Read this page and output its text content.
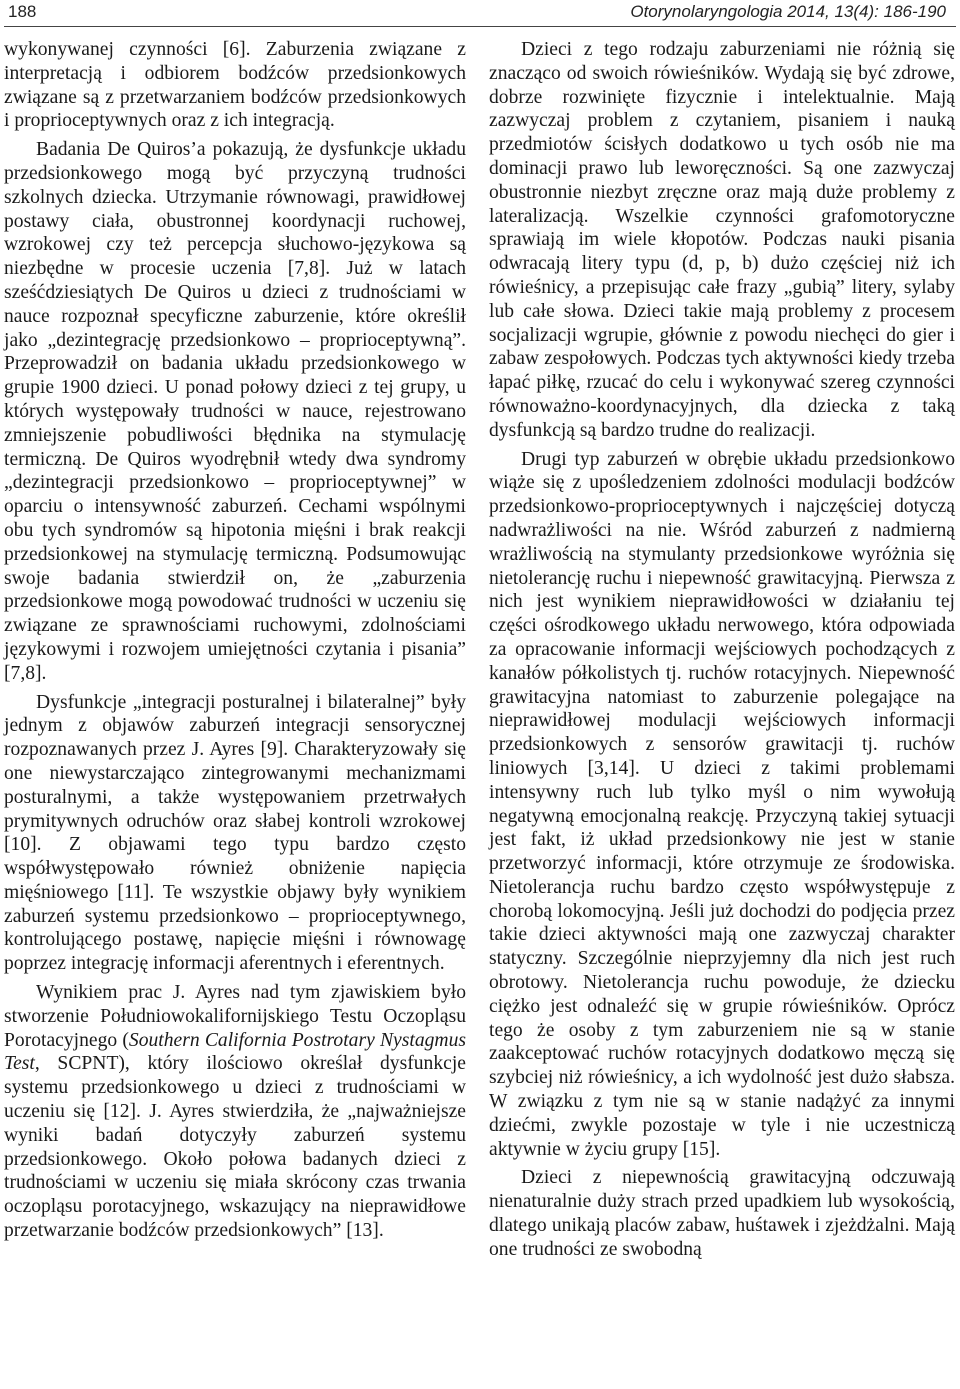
188	Otorynolaryngologia 2014, 13(4): 186-190

wykonywanej czynności [6]. Zaburzenia związane z interpretacją i odbiorem bodźców przedsionkowych związane są z przetwarzaniem bodźców przedsionkowych i proprioceptywnych oraz z ich integracją.

Badania De Quiros’a pokazują, że dysfunkcje układu przedsionkowego mogą być przyczyną trudności szkolnych dziecka. Utrzymanie równowagi, prawidłowej postawy ciała, obustronnej koordynacji ruchowej, wzrokowej czy też percepcja słuchowo-językowa są niezbędne w procesie uczenia [7,8]. Już w latach sześćdziesiątych De Quiros u dzieci z trudnościami w nauce rozpoznał specyficzne zaburzenie, które określił jako „dezintegrację przedsionkowo – proprioceptywną”. Przeprowadził on badania układu przedsionkowego w grupie 1900 dzieci. U ponad połowy dzieci z tej grupy, u których występowały trudności w nauce, rejestrowano zmniejszenie pobudliwości błędnika na stymulację termiczną. De Quiros wyodrębnił wtedy dwa syndromy „dezintegracji przedsionkowo – proprioceptywnej” w oparciu o intensywność zaburzeń. Cechami wspólnymi obu tych syndromów są hipotonia mięśni i brak reakcji przedsionkowej na stymulację termiczną. Podsumowując swoje badania stwierdził on, że „zaburzenia przedsionkowe mogą powodować trudności w uczeniu się związane ze sprawnościami ruchowymi, zdolnościami językowymi i rozwojem umiejętności czytania i pisania” [7,8].

Dysfunkcje „integracji posturalnej i bilateralnej” były jednym z objawów zaburzeń integracji sensorycznej rozpoznawanych przez J. Ayres [9]. Charakteryzowały się one niewystarczająco zintegrowanymi mechanizmami posturalnymi, a także występowaniem przetrwałych prymitywnych odruchów oraz słabej kontroli wzrokowej [10]. Z objawami tego typu bardzo często współwystępowało również obniżenie napięcia mięśniowego [11]. Te wszystkie objawy były wynikiem zaburzeń systemu przedsionkowo – proprioceptywnego, kontrolującego postawę, napięcie mięśni i równowagę poprzez integrację informacji aferentnych i eferentnych.

Wynikiem prac J. Ayres nad tym zjawiskiem było stworzenie Południowokalifornijskiego Testu Oczopląsu Porotacyjnego (Southern California Postrotary Nystagmus Test, SCPNT), który ilościowo określał dysfunkcje systemu przedsionkowego u dzieci z trudnościami w uczeniu się [12]. J. Ayres stwierdziła, że „najważniejsze wyniki badań dotyczyły zaburzeń systemu przedsionkowego. Około połowa badanych dzieci z trudnościami w uczeniu się miała skrócony czas trwania oczopląsu porotacyjnego, wskazujący na nieprawidłowe przetwarzanie bodźców przedsionkowych” [13].

Dzieci z tego rodzaju zaburzeniami nie różnią się znacząco od swoich rówieśników. Wydają się być zdrowe, dobrze rozwinięte fizycznie i intelektualnie. Mają zazwyczaj problem z czytaniem, pisaniem i nauką przedmiotów ścisłych dodatkowo u tych osób nie ma dominacji prawo lub leworęczności. Są one zazwyczaj obustronnie niezbyt zręczne oraz mają duże problemy z lateralizacją. Wszelkie czynności grafomotoryczne sprawiają im wiele kłopotów. Podczas nauki pisania odwracają litery typu (d, p, b) dużo częściej niż ich rówieśnicy, a przepisując całe frazy „gubią” litery, sylaby lub całe słowa. Dzieci takie mają problemy z procesem socjalizacji wgrupie, głównie z powodu niechęci do gier i zabaw zespołowych. Podczas tych aktywności kiedy trzeba łapać piłkę, rzucać do celu i wykonywać szereg czynności równoważno-koordynacyjnych, dla dziecka z taką dysfunkcją są bardzo trudne do realizacji.

Drugi typ zaburzeń w obrębie układu przedsionkowo wiąże się z upośledzeniem zdolności modulacji bodźców przedsionkowo-proprioceptywnych i najczęściej dotyczą nadwrażliwości na nie. Wśród zaburzeń z nadmierną wrażliwością na stymulanty przedsionkowe wyróżnia się nietolerancję ruchu i niepewność grawitacyjną. Pierwsza z nich jest wynikiem nieprawidłowości w działaniu tej części ośrodkowego układu nerwowego, która odpowiada za opracowanie informacji wejściowych pochodzących z kanałów półkolistych tj. ruchów rotacyjnych. Niepewność grawitacyjna natomiast to zaburzenie polegające na nieprawidłowej modulacji wejściowych informacji przedsionkowych z sensorów grawitacji tj. ruchów liniowych [3,14]. U dzieci z takimi problemami intensywny ruch lub tylko myśl o nim wywołują negatywną emocjonalną reakcję. Przyczyną takiej sytuacji jest fakt, iż układ przedsionkowy nie jest w stanie przetworzyć informacji, które otrzymuje ze środowiska. Nietolerancja ruchu bardzo często współwystępuje z chorobą lokomocyjną. Jeśli już dochodzi do podjęcia przez takie dzieci aktywności mają one zazwyczaj charakter statyczny. Szczególnie nieprzyjemny dla nich jest ruch obrotowy. Nietolerancja ruchu powoduje, że dziecku ciężko jest odnaleźć się w grupie rówieśników. Oprócz tego że osoby z tym zaburzeniem nie są w stanie zaakceptować ruchów rotacyjnych dodatkowo męczą się szybciej niż rówieśnicy, a ich wydolność jest dużo słabsza. W związku z tym nie są w stanie nadążyć za innymi dziećmi, zwykle pozostaje w tyle i nie uczestniczą aktywnie w życiu grupy [15].

Dzieci z niepewnością grawitacyjną odczuwają nienaturalnie duży strach przed upadkiem lub wysokością, dlatego unikają placów zabaw, huśtawek i zjeżdżalni. Mają one trudności ze swobodną
